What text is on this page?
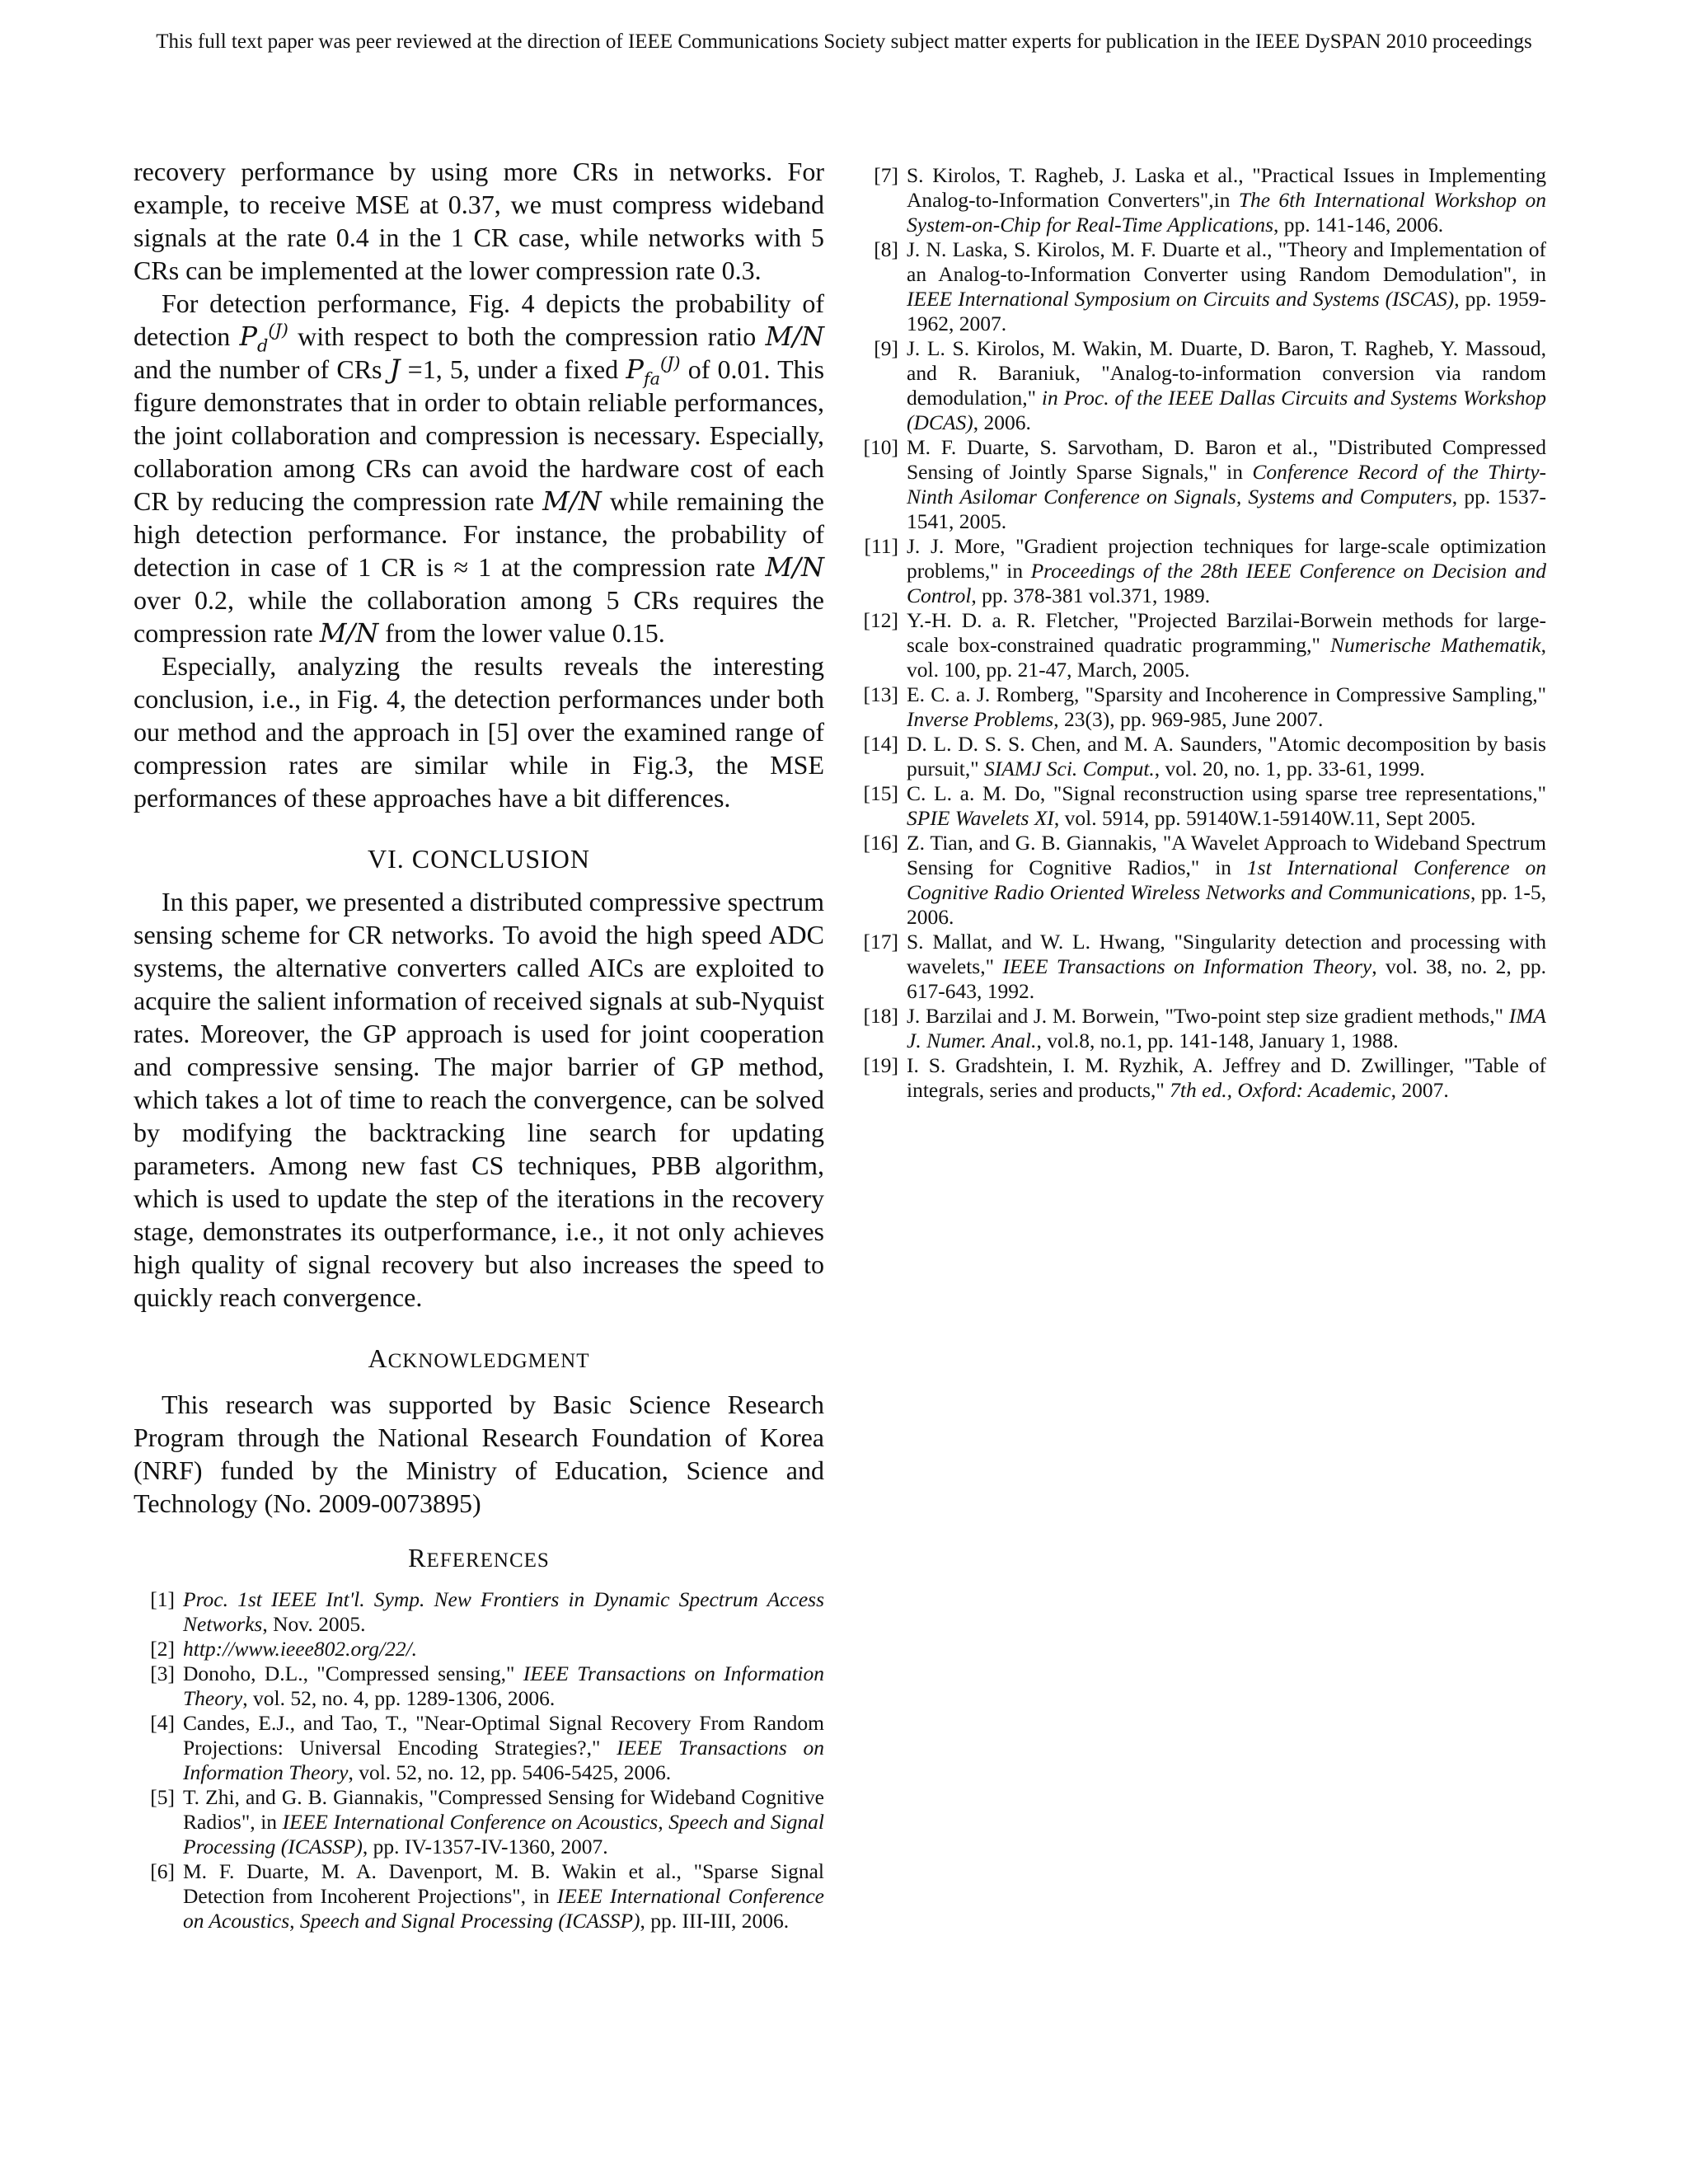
This full text paper was peer reviewed at the direction of IEEE Communications Society subject matter experts for publication in the IEEE DySPAN 2010 proceedings

recovery performance by using more CRs in networks. For example, to receive MSE at 0.37, we must compress wideband signals at the rate 0.4 in the 1 CR case, while networks with 5 CRs can be implemented at the lower compression rate 0.3.

For detection performance, Fig. 4 depicts the probability of detection $P_d^{(J)}$ with respect to both the compression ratio M/N and the number of CRs J =1, 5, under a fixed $P_{fa}^{(J)}$ of 0.01. This figure demonstrates that in order to obtain reliable performances, the joint collaboration and compression is necessary. Especially, collaboration among CRs can avoid the hardware cost of each CR by reducing the compression rate M/N while remaining the high detection performance. For instance, the probability of detection in case of 1 CR is ≈ 1 at the compression rate M/N over 0.2, while the collaboration among 5 CRs requires the compression rate M/N from the lower value 0.15.

Especially, analyzing the results reveals the interesting conclusion, i.e., in Fig. 4, the detection performances under both our method and the approach in [5] over the examined range of compression rates are similar while in Fig.3, the MSE performances of these approaches have a bit differences.

VI. CONCLUSION

In this paper, we presented a distributed compressive spectrum sensing scheme for CR networks. To avoid the high speed ADC systems, the alternative converters called AICs are exploited to acquire the salient information of received signals at sub-Nyquist rates. Moreover, the GP approach is used for joint cooperation and compressive sensing. The major barrier of GP method, which takes a lot of time to reach the convergence, can be solved by modifying the backtracking line search for updating parameters. Among new fast CS techniques, PBB algorithm, which is used to update the step of the iterations in the recovery stage, demonstrates its outperformance, i.e., it not only achieves high quality of signal recovery but also increases the speed to quickly reach convergence.

ACKNOWLEDGMENT

This research was supported by Basic Science Research Program through the National Research Foundation of Korea (NRF) funded by the Ministry of Education, Science and Technology (No. 2009-0073895)

REFERENCES
[1] Proc. 1st IEEE Int'l. Symp. New Frontiers in Dynamic Spectrum Access Networks, Nov. 2005.
[2] http://www.ieee802.org/22/.
[3] Donoho, D.L., "Compressed sensing," IEEE Transactions on Information Theory, vol. 52, no. 4, pp. 1289-1306, 2006.
[4] Candes, E.J., and Tao, T., "Near-Optimal Signal Recovery From Random Projections: Universal Encoding Strategies?," IEEE Transactions on Information Theory, vol. 52, no. 12, pp. 5406-5425, 2006.
[5] T. Zhi, and G. B. Giannakis, "Compressed Sensing for Wideband Cognitive Radios", in IEEE International Conference on Acoustics, Speech and Signal Processing (ICASSP), pp. IV-1357-IV-1360, 2007.
[6] M. F. Duarte, M. A. Davenport, M. B. Wakin et al., "Sparse Signal Detection from Incoherent Projections", in IEEE International Conference on Acoustics, Speech and Signal Processing (ICASSP), pp. III-III, 2006.
[7] S. Kirolos, T. Ragheb, J. Laska et al., "Practical Issues in Implementing Analog-to-Information Converters",in The 6th International Workshop on System-on-Chip for Real-Time Applications, pp. 141-146, 2006.
[8] J. N. Laska, S. Kirolos, M. F. Duarte et al., "Theory and Implementation of an Analog-to-Information Converter using Random Demodulation", in IEEE International Symposium on Circuits and Systems (ISCAS), pp. 1959-1962, 2007.
[9] J. L. S. Kirolos, M. Wakin, M. Duarte, D. Baron, T. Ragheb, Y. Massoud, and R. Baraniuk, "Analog-to-information conversion via random demodulation," in Proc. of the IEEE Dallas Circuits and Systems Workshop (DCAS), 2006.
[10] M. F. Duarte, S. Sarvotham, D. Baron et al., "Distributed Compressed Sensing of Jointly Sparse Signals," in Conference Record of the Thirty-Ninth Asilomar Conference on Signals, Systems and Computers, pp. 1537-1541, 2005.
[11] J. J. More, "Gradient projection techniques for large-scale optimization problems," in Proceedings of the 28th IEEE Conference on Decision and Control, pp. 378-381 vol.371, 1989.
[12] Y.-H. D. a. R. Fletcher, "Projected Barzilai-Borwein methods for large-scale box-constrained quadratic programming," Numerische Mathematik, vol. 100, pp. 21-47, March, 2005.
[13] E. C. a. J. Romberg, "Sparsity and Incoherence in Compressive Sampling," Inverse Problems, 23(3), pp. 969-985, June 2007.
[14] D. L. D. S. S. Chen, and M. A. Saunders, "Atomic decomposition by basis pursuit," SIAMJ Sci. Comput., vol. 20, no. 1, pp. 33-61, 1999.
[15] C. L. a. M. Do, "Signal reconstruction using sparse tree representations," SPIE Wavelets XI, vol. 5914, pp. 59140W.1-59140W.11, Sept 2005.
[16] Z. Tian, and G. B. Giannakis, "A Wavelet Approach to Wideband Spectrum Sensing for Cognitive Radios," in 1st International Conference on Cognitive Radio Oriented Wireless Networks and Communications, pp. 1-5, 2006.
[17] S. Mallat, and W. L. Hwang, "Singularity detection and processing with wavelets," IEEE Transactions on Information Theory, vol. 38, no. 2, pp. 617-643, 1992.
[18] J. Barzilai and J. M. Borwein, "Two-point step size gradient methods," IMA J. Numer. Anal., vol.8, no.1, pp. 141-148, January 1, 1988.
[19] I. S. Gradshtein, I. M. Ryzhik, A. Jeffrey and D. Zwillinger, "Table of integrals, series and products," 7th ed., Oxford: Academic, 2007.
